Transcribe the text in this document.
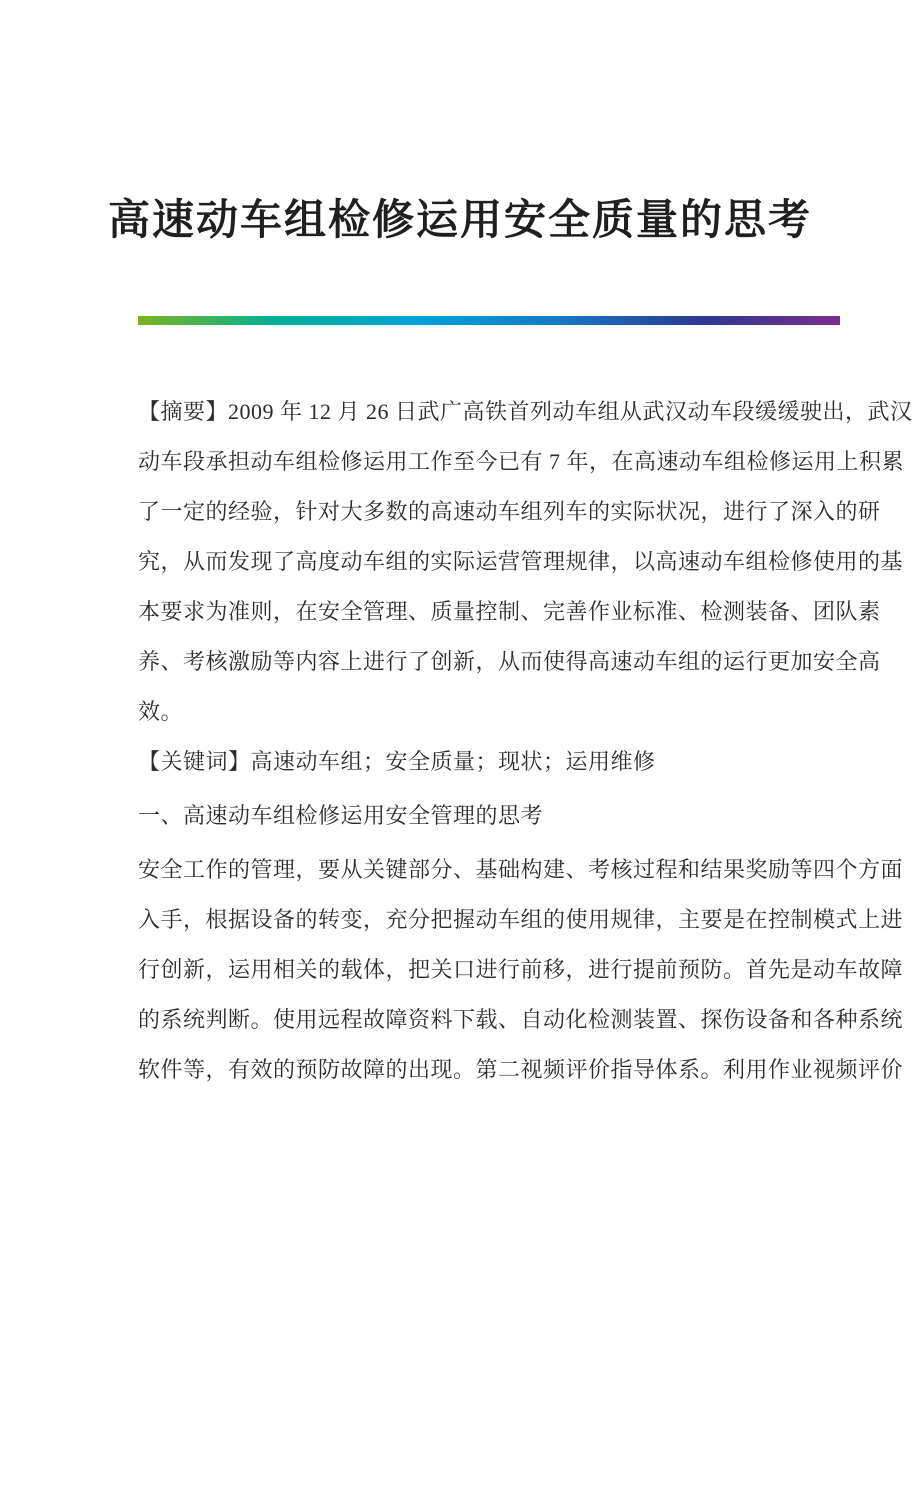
高速动车组检修运用安全质量的思考
【摘要】2009 年 12 月 26 日武广高铁首列动车组从武汉动车段缓缓驶出，武汉
动车段承担动车组检修运用工作至今已有 7 年，在高速动车组检修运用上积累
了一定的经验，针对大多数的高速动车组列车的实际状况，进行了深入的研
究，从而发现了高度动车组的实际运营管理规律，以高速动车组检修使用的基
本要求为准则，在安全管理、质量控制、完善作业标准、检测装备、团队素
养、考核激励等内容上进行了创新，从而使得高速动车组的运行更加安全高
效。
【关键词】高速动车组；安全质量；现状；运用维修
一、高速动车组检修运用安全管理的思考
安全工作的管理，要从关键部分、基础构建、考核过程和结果奖励等四个方面
入手，根据设备的转变，充分把握动车组的使用规律，主要是在控制模式上进
行创新，运用相关的载体，把关口进行前移，进行提前预防。首先是动车故障
的系统判断。使用远程故障资料下载、自动化检测装置、探伤设备和各种系统
软件等，有效的预防故障的出现。第二视频评价指导体系。利用作业视频评价
